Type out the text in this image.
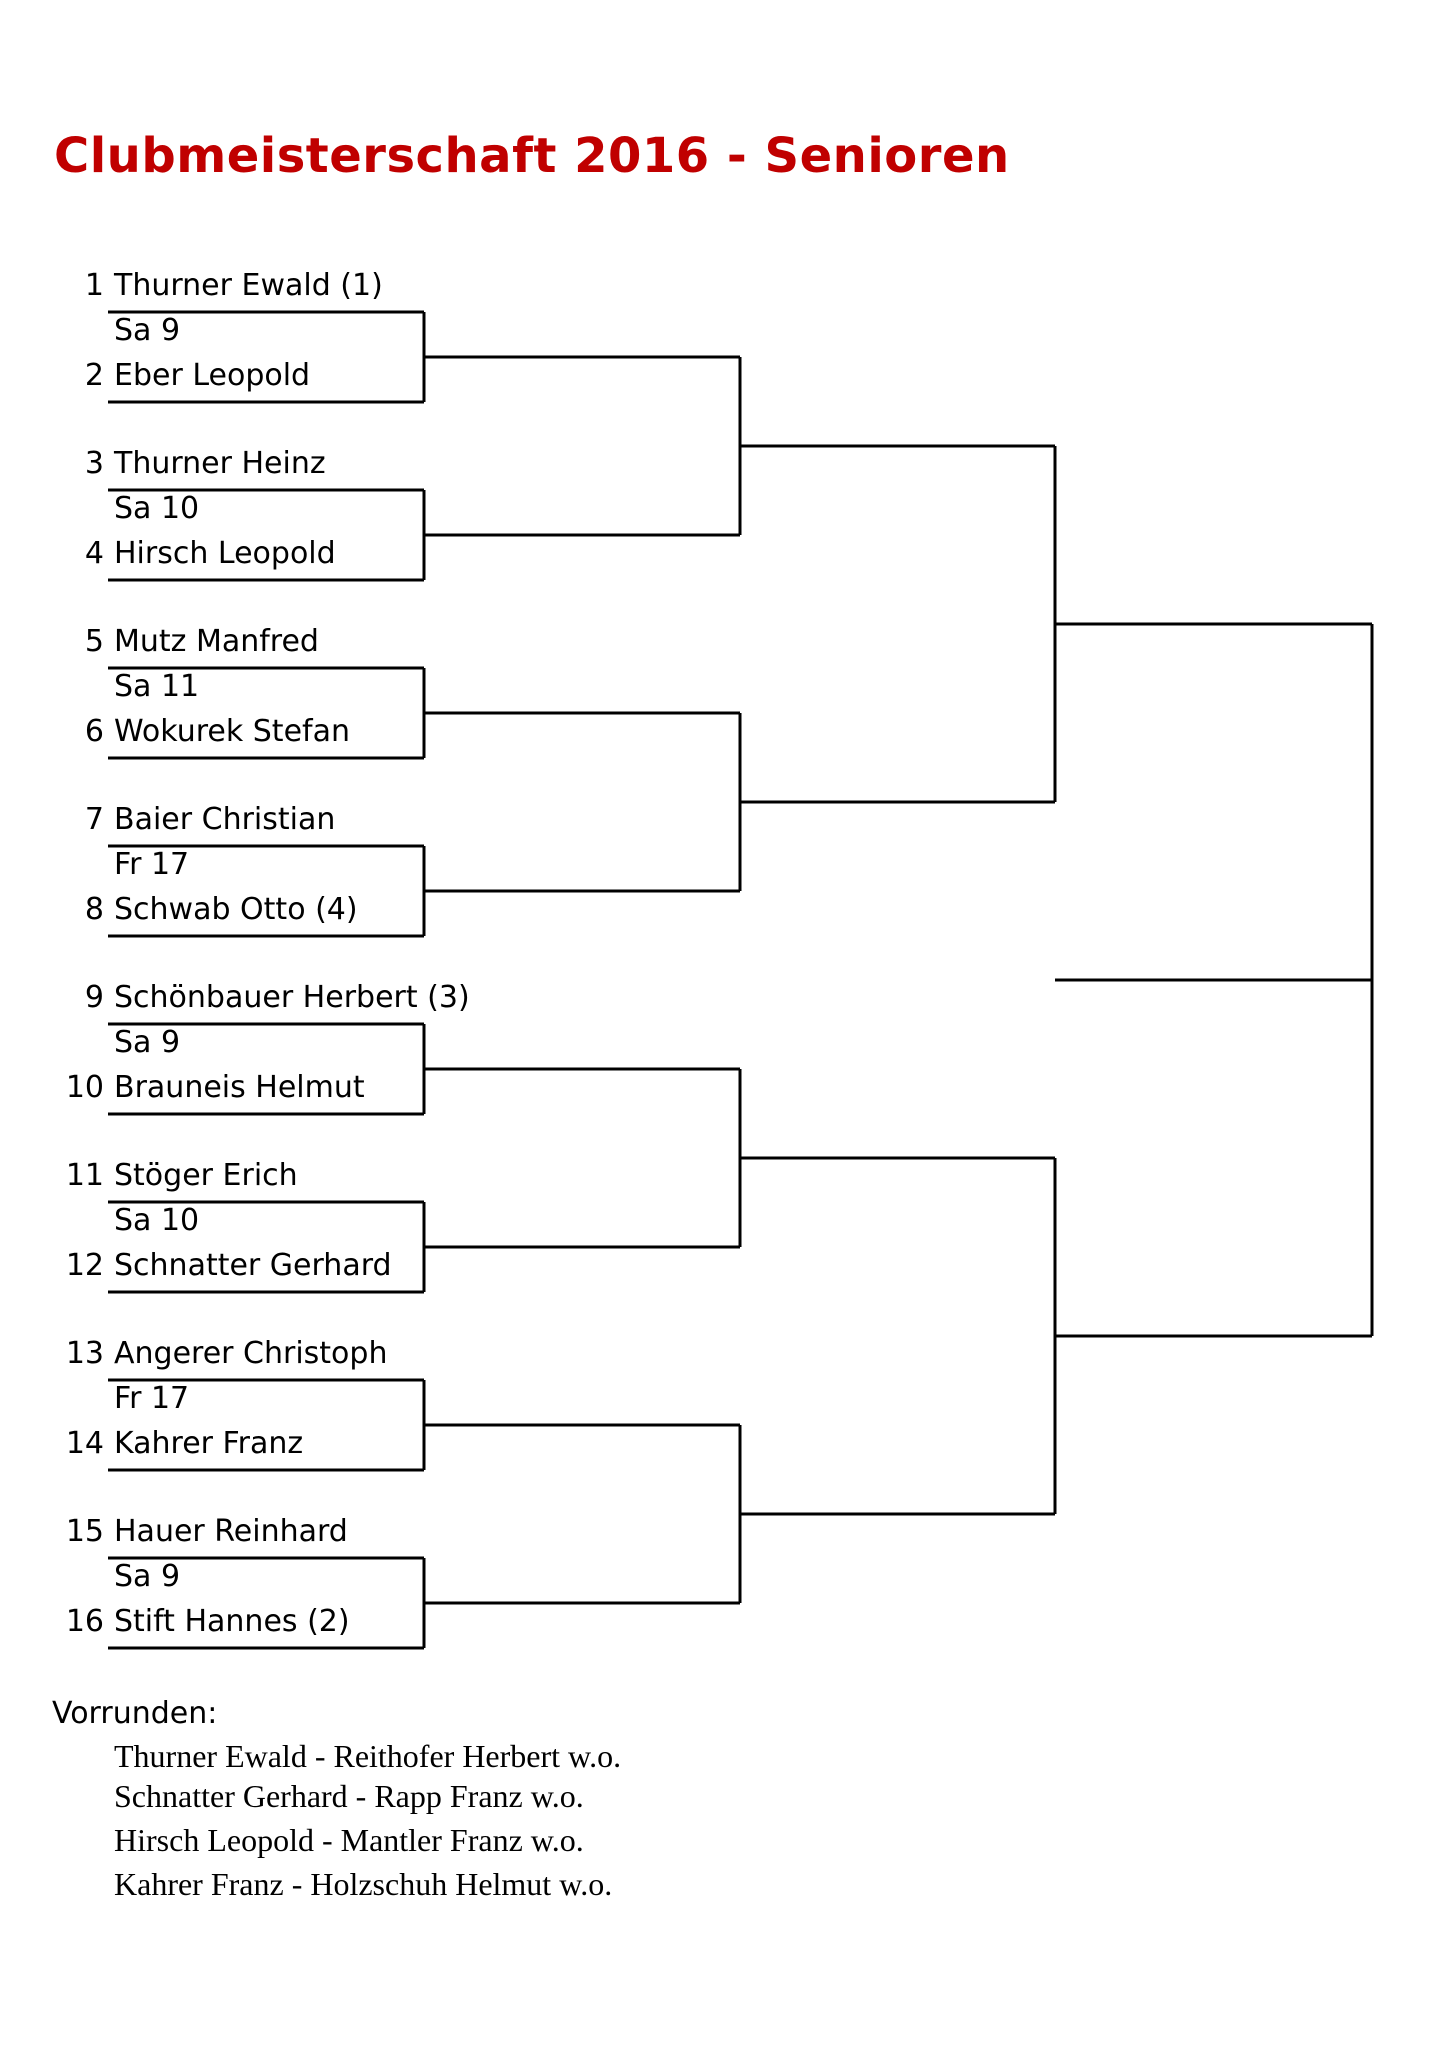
Clubmeisterschaft 2016 - Senioren
1 Thurner Ewald (1)
2 Eber Leopold
3 Thurner Heinz
4 Hirsch Leopold
5 Mutz Manfred
6 Wokurek Stefan
7 Baier Christian
8 Schwab Otto (4)
9 Schönbauer Herbert (3)
10 Brauneis Helmut
11 Stöger Erich
12 Schnatter Gerhard
13 Angerer Christoph
14 Kahrer Franz
15 Hauer Reinhard
16 Stift Hannes (2)
Sa 9
Sa 10
Sa 11
Fr 17
Sa 9
Sa 10
Fr 17
Sa 9
Vorrunden:
Thurner Ewald - Reithofer Herbert w.o.
Schnatter Gerhard - Rapp Franz w.o.
Hirsch Leopold - Mantler Franz w.o.
Kahrer Franz - Holzschuh Helmut w.o.
